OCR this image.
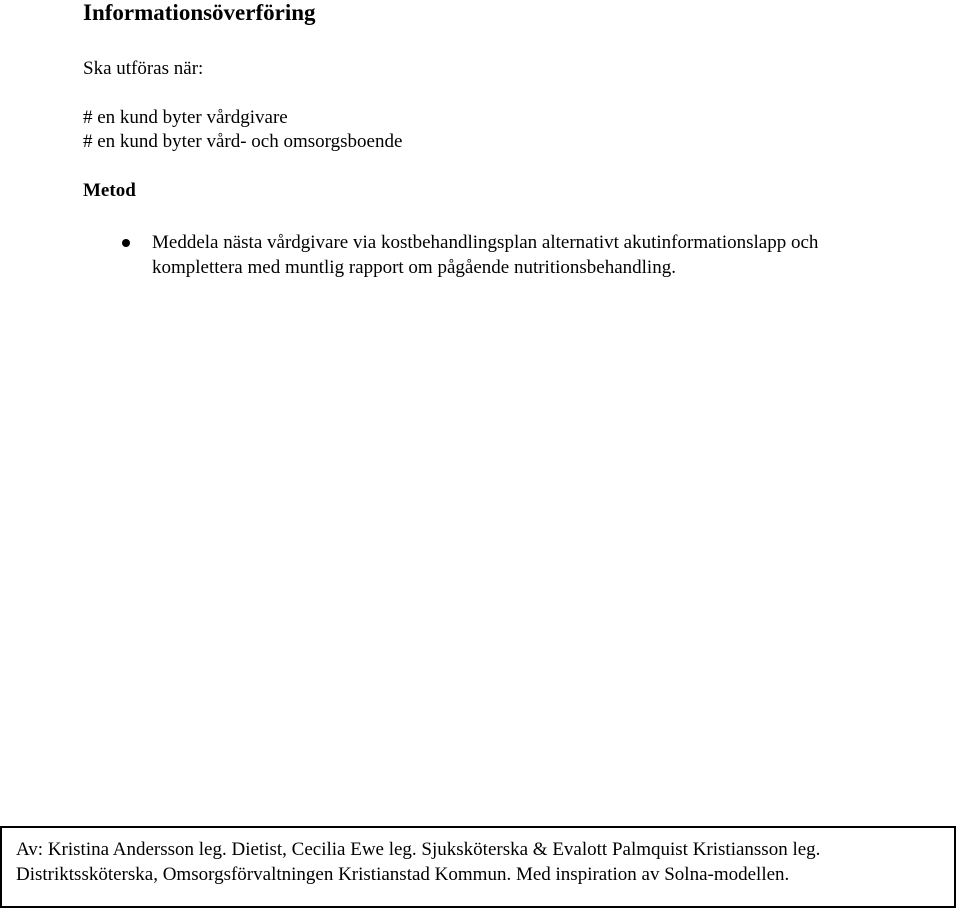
Informationsöverföring

Ska utföras när:

# en kund byter vårdgivare
# en kund byter vård- och omsorgsboende
Metod
Meddela nästa vårdgivare via kostbehandlingsplan alternativt akutinformationslapp och komplettera med muntlig rapport om pågående nutritionsbehandling.
Av: Kristina Andersson leg. Dietist, Cecilia Ewe leg. Sjuksköterska & Evalott Palmquist Kristiansson leg.
Distriktssköterska, Omsorgsförvaltningen Kristianstad Kommun. Med inspiration av Solna-modellen.
